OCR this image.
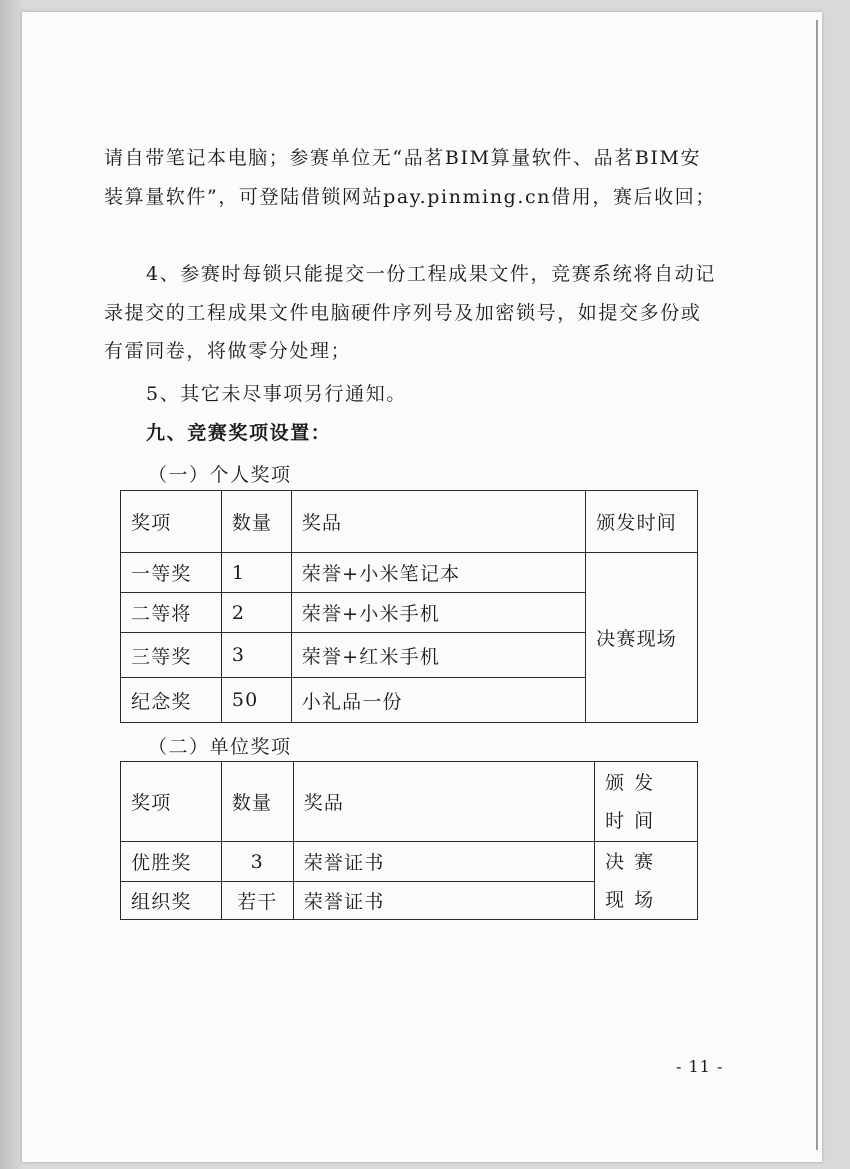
请自带笔记本电脑；参赛单位无“品茗BIM算量软件、品茗BIM安装算量软件”，可登陆借锁网站pay.pinming.cn借用，赛后收回；

4、参赛时每锁只能提交一份工程成果文件，竞赛系统将自动记录提交的工程成果文件电脑硬件序列号及加密锁号，如提交多份或有雷同卷，将做零分处理；

5、其它未尽事项另行通知。

九、竞赛奖项设置：
（一）个人奖项
奖项	数量	奖品	颁发时间
一等奖	1	荣誉+小米笔记本	决赛现场
二等将	2	荣誉+小米手机	
三等奖	3	荣誉+红米手机	
纪念奖	50	小礼品一份	
（二）单位奖项
奖项	数量	奖品	颁发时间
优胜奖	3	荣誉证书	决赛现场
组织奖	若干	荣誉证书	
- 11 -
